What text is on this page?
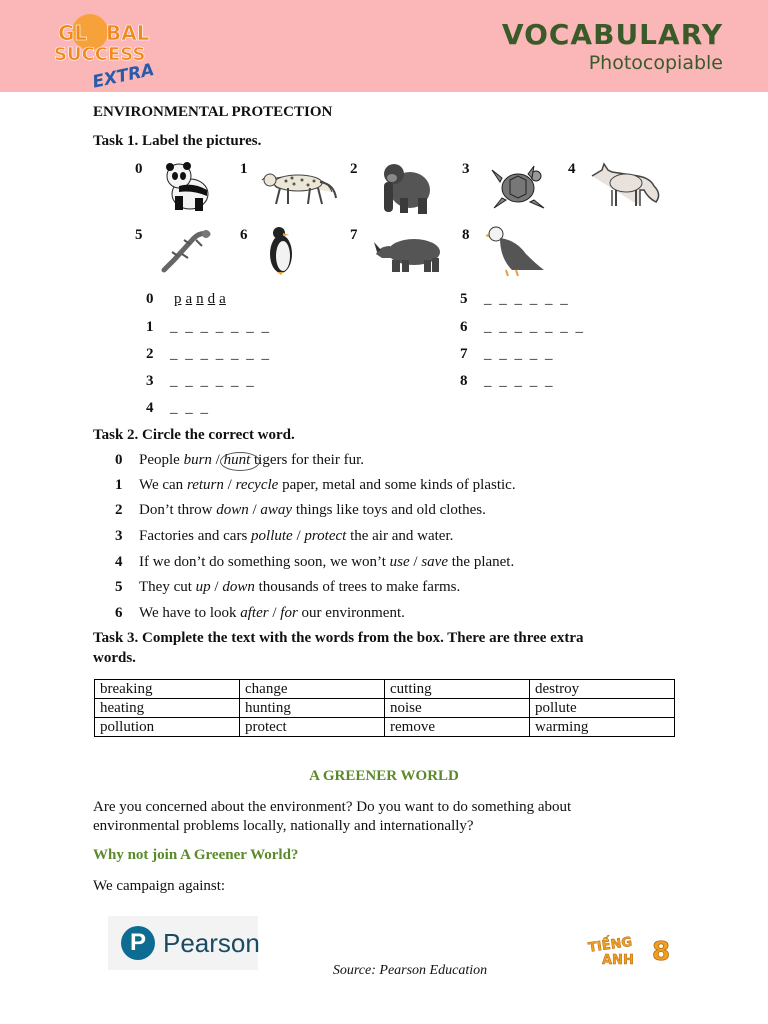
GL BAL
SUCCESS
EXTRA
VOCABULARY
Photocopiable
ENVIRONMENTAL PROTECTION
Task 1. Label the pictures.
0	1	2	3	4
5	6	7	8
0 p a n d a
1 _ _ _ _ _ _ _
2 _ _ _ _ _ _ _
3 _ _ _ _ _ _
4 _ _ _
5 _ _ _ _ _ _
6 _ _ _ _ _ _ _
7 _ _ _ _ _
8 _ _ _ _ _
Task 2. Circle the correct word.
0 People burn / hunt tigers for their fur.
1 We can return / recycle paper, metal and some kinds of plastic.
2 Don’t throw down / away things like toys and old clothes.
3 Factories and cars pollute / protect the air and water.
4 If we don’t do something soon, we won’t use / save the planet.
5 They cut up / down thousands of trees to make farms.
6 We have to look after / for our environment.
Task 3. Complete the text with the words from the box. There are three extra
words.
breaking	change	cutting	destroy
heating	hunting	noise	pollute
pollution	protect	remove	warming
A GREENER WORLD
Are you concerned about the environment? Do you want to do something about
environmental problems locally, nationally and internationally?
Why not join A Greener World?
We campaign against:
P Pearson
Source: Pearson Education
TIẾNG
ANH 8
